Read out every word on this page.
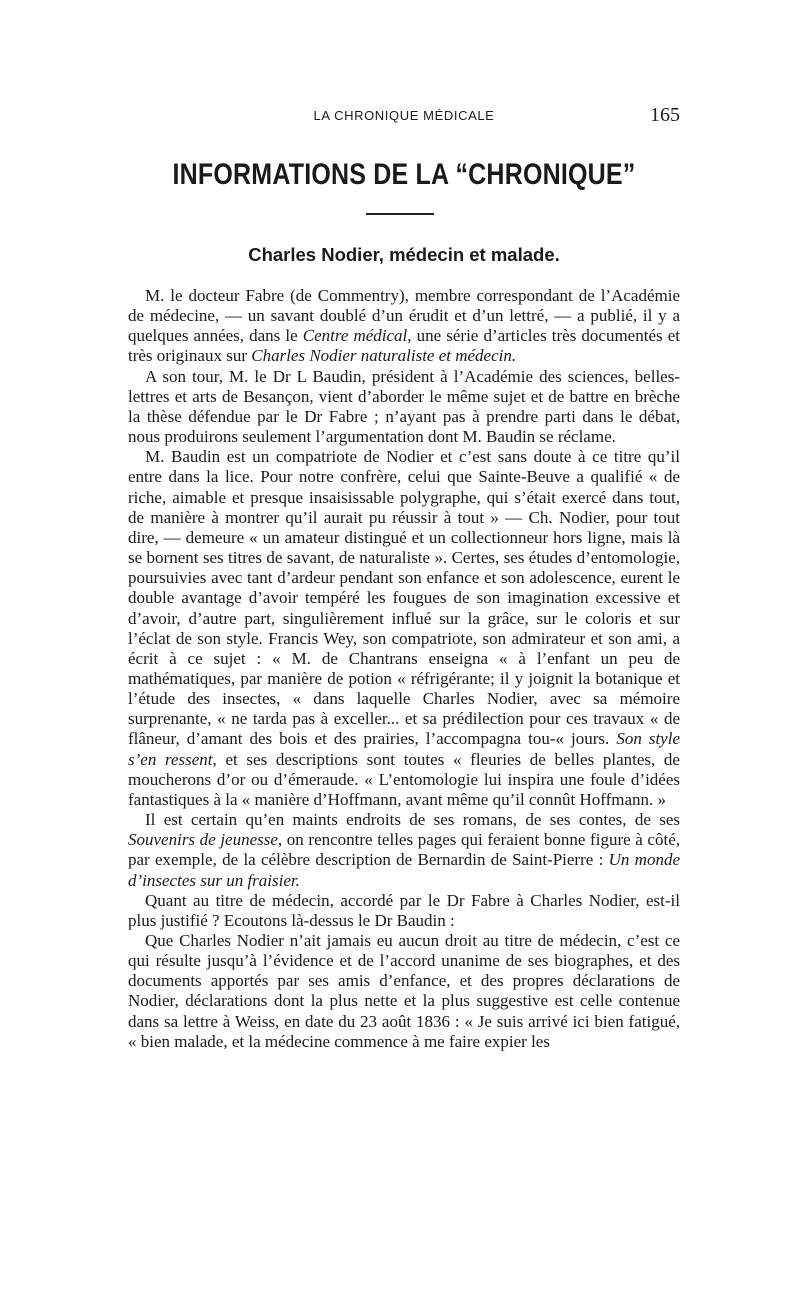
LA CHRONIQUE MÉDICALE	165
INFORMATIONS DE LA “CHRONIQUE”
Charles Nodier, médecin et malade.

M. le docteur Fabre (de Commentry), membre correspondant de l’Académie de médecine, — un savant doublé d’un érudit et d’un lettré, — a publié, il y a quelques années, dans le Centre médical, une série d’articles très documentés et très originaux sur Charles Nodier naturaliste et médecin.

A son tour, M. le Dr L Baudin, président à l’Académie des sciences, belles-lettres et arts de Besançon, vient d’aborder le même sujet et de battre en brèche la thèse défendue par le Dr Fabre ; n’ayant pas à prendre parti dans le débat, nous produirons seulement l’argumentation dont M. Baudin se réclame.

M. Baudin est un compatriote de Nodier et c’est sans doute à ce titre qu’il entre dans la lice. Pour notre confrère, celui que Sainte-Beuve a qualifié « de riche, aimable et presque insaisissable polygraphe, qui s’était exercé dans tout, de manière à montrer qu’il aurait pu réussir à tout » — Ch. Nodier, pour tout dire, — demeure « un amateur distingué et un collectionneur hors ligne, mais là se bornent ses titres de savant, de naturaliste ». Certes, ses études d’entomologie, poursuivies avec tant d’ardeur pendant son enfance et son adolescence, eurent le double avantage d’avoir tempéré les fougues de son imagination excessive et d’avoir, d’autre part, singulièrement influé sur la grâce, sur le coloris et sur l’éclat de son style. Francis Wey, son compatriote, son admirateur et son ami, a écrit à ce sujet : « M. de Chantrans enseigna « à l’enfant un peu de mathématiques, par manière de potion « réfrigérante; il y joignit la botanique et l’étude des insectes, « dans laquelle Charles Nodier, avec sa mémoire surprenante, « ne tarda pas à exceller... et sa prédilection pour ces travaux « de flâneur, d’amant des bois et des prairies, l’accompagna tou-« jours. Son style s’en ressent, et ses descriptions sont toutes « fleuries de belles plantes, de moucherons d’or ou d’émeraude. « L’entomologie lui inspira une foule d’idées fantastiques à la « manière d’Hoffmann, avant même qu’il connût Hoffmann. »

Il est certain qu’en maints endroits de ses romans, de ses contes, de ses Souvenirs de jeunesse, on rencontre telles pages qui feraient bonne figure à côté, par exemple, de la célèbre description de Bernardin de Saint-Pierre : Un monde d’insectes sur un fraisier.

Quant au titre de médecin, accordé par le Dr Fabre à Charles Nodier, est-il plus justifié ? Ecoutons là-dessus le Dr Baudin :

Que Charles Nodier n’ait jamais eu aucun droit au titre de médecin, c’est ce qui résulte jusqu’à l’évidence et de l’accord unanime de ses biographes, et des documents apportés par ses amis d’enfance, et des propres déclarations de Nodier, déclarations dont la plus nette et la plus suggestive est celle contenue dans sa lettre à Weiss, en date du 23 août 1836 : « Je suis arrivé ici bien fatigué, « bien malade, et la médecine commence à me faire expier les
